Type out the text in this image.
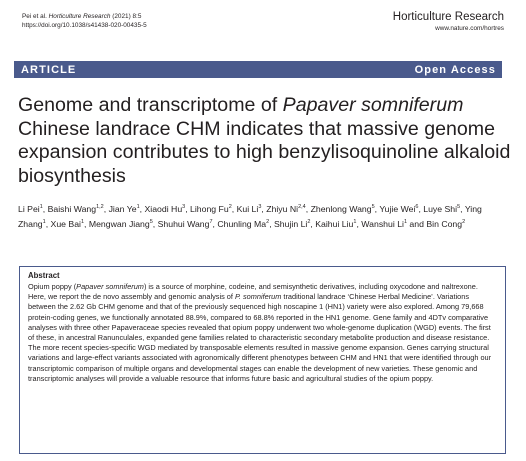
Pei et al. Horticulture Research (2021) 8:5
https://doi.org/10.1038/s41438-020-00435-5
Horticulture Research
www.nature.com/hortres
ARTICLE	Open Access
Genome and transcriptome of Papaver somniferum Chinese landrace CHM indicates that massive genome expansion contributes to high benzylisoquinoline alkaloid biosynthesis
Li Pei$^1$, Baishi Wang$^{1,2}$, Jian Ye$^1$, Xiaodi Hu$^3$, Lihong Fu$^2$, Kui Li$^3$, Zhiyu Ni$^{2,4}$, Zhenlong Wang$^5$, Yujie Wei$^6$, Luye Shi$^5$, Ying Zhang$^1$, Xue Bai$^1$, Mengwan Jiang$^5$, Shuhui Wang$^7$, Chunling Ma$^2$, Shujin Li$^2$, Kaihui Liu$^1$, Wanshui Li$^1$ and Bin Cong$^2$
Abstract
Opium poppy (Papaver somniferum) is a source of morphine, codeine, and semisynthetic derivatives, including oxycodone and naltrexone. Here, we report the de novo assembly and genomic analysis of P. somniferum traditional landrace ‘Chinese Herbal Medicine’. Variations between the 2.62 Gb CHM genome and that of the previously sequenced high noscapine 1 (HN1) variety were also explored. Among 79,668 protein-coding genes, we functionally annotated 88.9%, compared to 68.8% reported in the HN1 genome. Gene family and 4DTv comparative analyses with three other Papaveraceae species revealed that opium poppy underwent two whole-genome duplication (WGD) events. The first of these, in ancestral Ranunculales, expanded gene families related to characteristic secondary metabolite production and disease resistance. The more recent species-specific WGD mediated by transposable elements resulted in massive genome expansion. Genes carrying structural variations and large-effect variants associated with agronomically different phenotypes between CHM and HN1 that were identified through our transcriptomic comparison of multiple organs and developmental stages can enable the development of new varieties. These genomic and transcriptomic analyses will provide a valuable resource that informs future basic and agricultural studies of the opium poppy.
